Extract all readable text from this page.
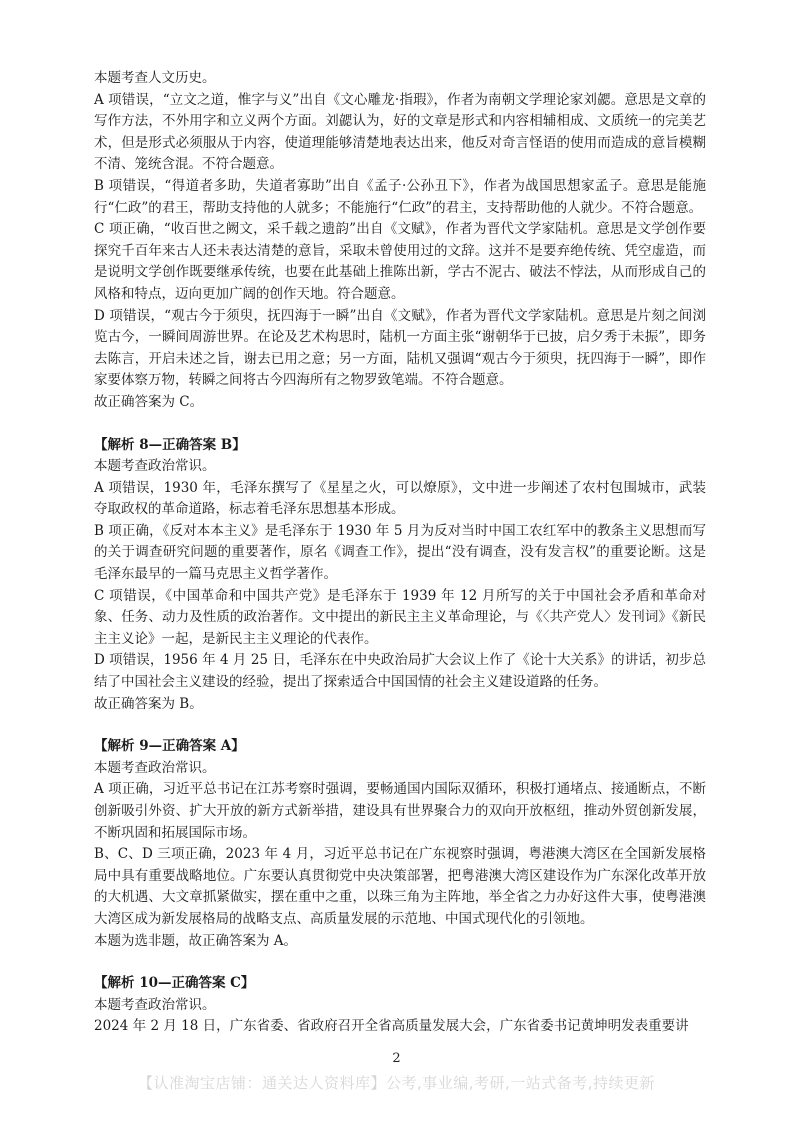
本题考查人文历史。

A 项错误，“立文之道，惟字与义”出自《文心雕龙·指瑕》，作者为南朝文学理论家刘勰。意思是文章的写作方法，不外用字和立义两个方面。刘勰认为，好的文章是形式和内容相辅相成、文质统一的完美艺术，但是形式必须服从于内容，使道理能够清楚地表达出来，他反对奇言怪语的使用而造成的意旨模糊不清、笼统含混。不符合题意。

B 项错误，“得道者多助，失道者寡助”出自《孟子·公孙丑下》，作者为战国思想家孟子。意思是能施行“仁政”的君王，帮助支持他的人就多；不能施行“仁政”的君主，支持帮助他的人就少。不符合题意。

C 项正确，“收百世之阙文，采千载之遗韵”出自《文赋》，作者为晋代文学家陆机。意思是文学创作要探究千百年来古人还未表达清楚的意旨，采取未曾使用过的文辞。这并不是要弃绝传统、凭空虚造，而是说明文学创作既要继承传统，也要在此基础上推陈出新，学古不泥古、破法不悖法，从而形成自己的风格和特点，迈向更加广阔的创作天地。符合题意。

D 项错误，“观古今于须臾，抚四海于一瞬”出自《文赋》，作者为晋代文学家陆机。意思是片刻之间浏览古今，一瞬间周游世界。在论及艺术构思时，陆机一方面主张“谢朝华于已披，启夕秀于未振”，即务去陈言，开启未述之旨，谢去已用之意；另一方面，陆机又强调“观古今于须臾，抚四海于一瞬”，即作家要体察万物，转瞬之间将古今四海所有之物罗致笔端。不符合题意。

故正确答案为 C。

【解析 8—正确答案 B】

本题考查政治常识。

A 项错误，1930 年，毛泽东撰写了《星星之火，可以燎原》，文中进一步阐述了农村包围城市，武装夺取政权的革命道路，标志着毛泽东思想基本形成。

B 项正确，《反对本本主义》是毛泽东于 1930 年 5 月为反对当时中国工农红军中的教条主义思想而写的关于调查研究问题的重要著作，原名《调查工作》，提出“没有调查，没有发言权”的重要论断。这是毛泽东最早的一篇马克思主义哲学著作。

C 项错误，《中国革命和中国共产党》是毛泽东于 1939 年 12 月所写的关于中国社会矛盾和革命对象、任务、动力及性质的政治著作。文中提出的新民主主义革命理论，与《〈共产党人〉发刊词》《新民主主义论》一起，是新民主主义理论的代表作。

D 项错误，1956 年 4 月 25 日，毛泽东在中央政治局扩大会议上作了《论十大关系》的讲话，初步总结了中国社会主义建设的经验，提出了探索适合中国国情的社会主义建设道路的任务。

故正确答案为 B。

【解析 9—正确答案 A】

本题考查政治常识。

A 项正确，习近平总书记在江苏考察时强调，要畅通国内国际双循环，积极打通堵点、接通断点，不断创新吸引外资、扩大开放的新方式新举措，建设具有世界聚合力的双向开放枢纽，推动外贸创新发展，不断巩固和拓展国际市场。

B、C、D 三项正确，2023 年 4 月，习近平总书记在广东视察时强调，粤港澳大湾区在全国新发展格局中具有重要战略地位。广东要认真贯彻党中央决策部署，把粤港澳大湾区建设作为广东深化改革开放的大机遇、大文章抓紧做实，摆在重中之重，以珠三角为主阵地，举全省之力办好这件大事，使粤港澳大湾区成为新发展格局的战略支点、高质量发展的示范地、中国式现代化的引领地。

本题为选非题，故正确答案为 A。

【解析 10—正确答案 C】

本题考查政治常识。

2024 年 2 月 18 日，广东省委、省政府召开全省高质量发展大会，广东省委书记黄坤明发表重要讲

2
【认准淘宝店铺：通关达人资料库】公考,事业编,考研,一站式备考,持续更新
